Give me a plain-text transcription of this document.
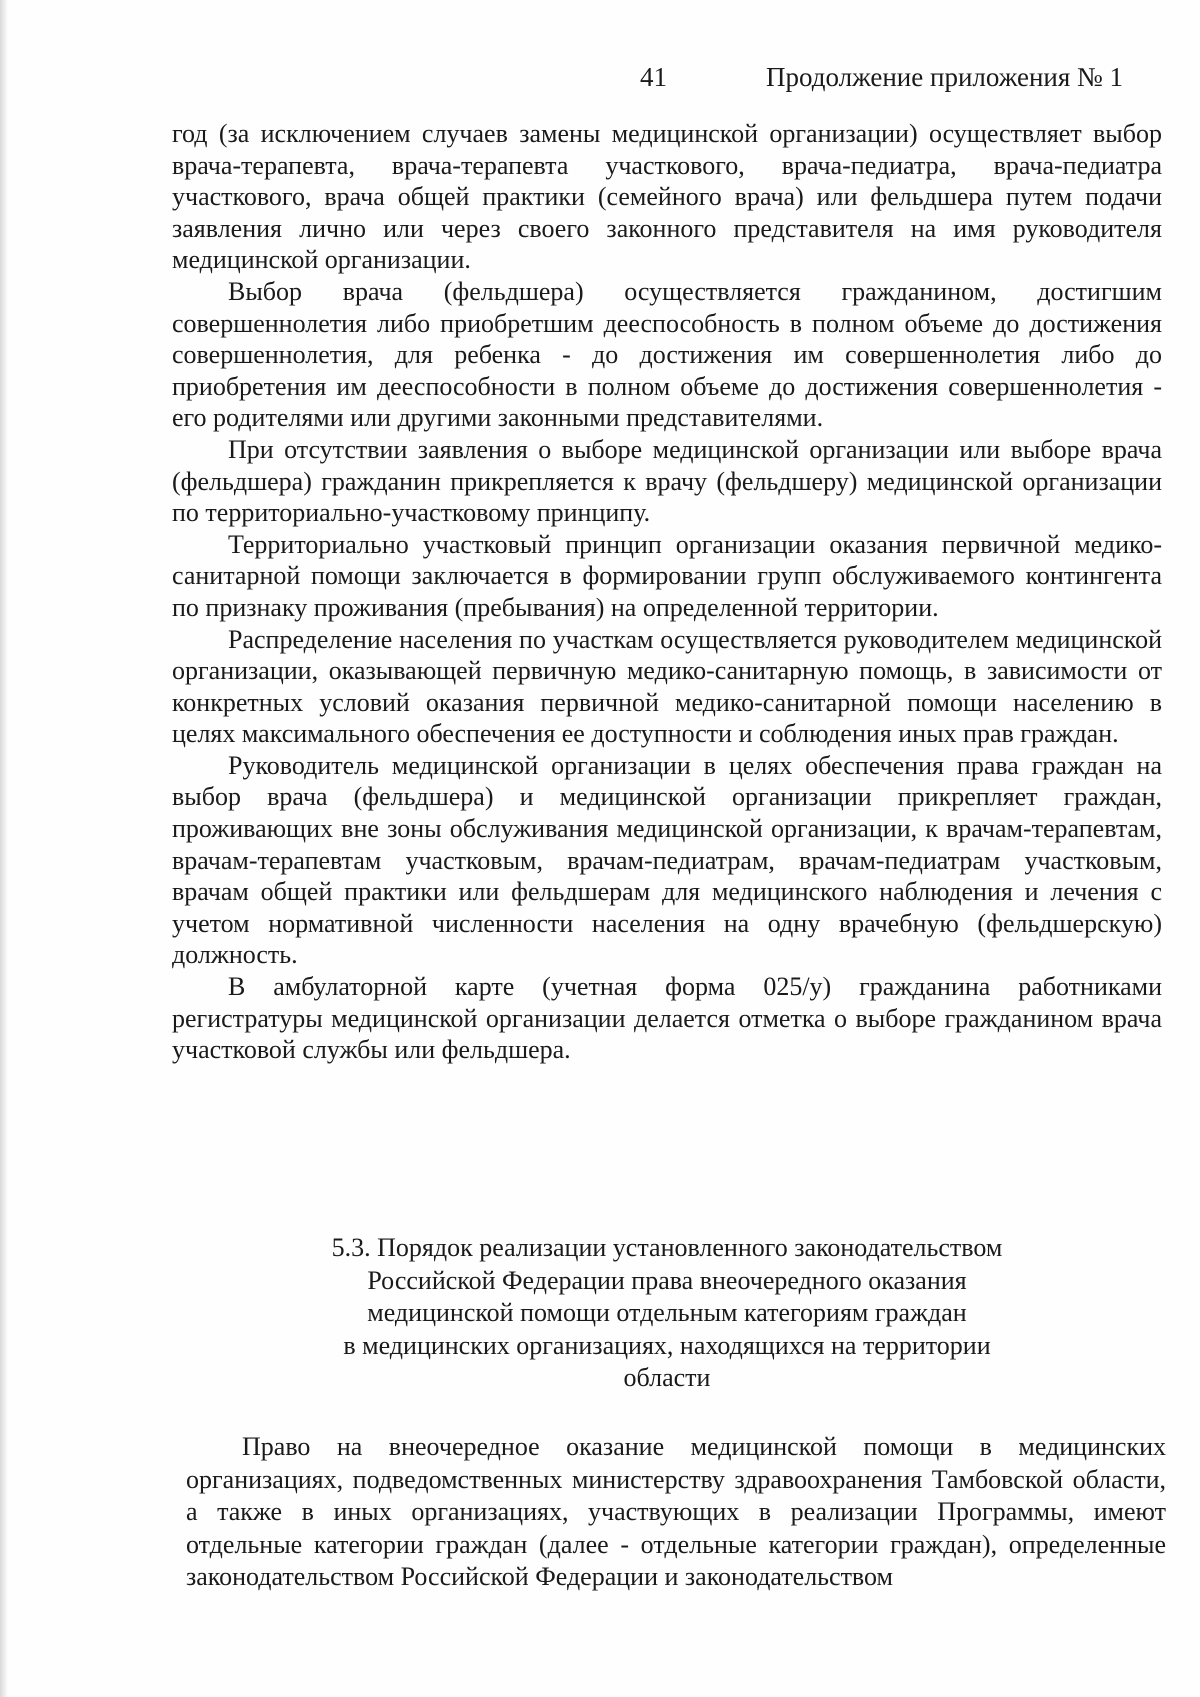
41	Продолжение приложения № 1

год (за исключением случаев замены медицинской организации) осуществляет выбор врача-терапевта, врача-терапевта участкового, врача-педиатра, врача-педиатра участкового, врача общей практики (семейного врача) или фельдшера путем подачи заявления лично или через своего законного представителя на имя руководителя медицинской организации.

Выбор врача (фельдшера) осуществляется гражданином, достигшим совершеннолетия либо приобретшим дееспособность в полном объеме до достижения совершеннолетия, для ребенка - до достижения им совершеннолетия либо до приобретения им дееспособности в полном объеме до достижения совершеннолетия - его родителями или другими законными представителями.

При отсутствии заявления о выборе медицинской организации или выборе врача (фельдшера) гражданин прикрепляется к врачу (фельдшеру) медицинской организации по территориально-участковому принципу.

Территориально участковый принцип организации оказания первичной медико-санитарной помощи заключается в формировании групп обслуживаемого контингента по признаку проживания (пребывания) на определенной территории.

Распределение населения по участкам осуществляется руководителем медицинской организации, оказывающей первичную медико-санитарную помощь, в зависимости от конкретных условий оказания первичной медико-санитарной помощи населению в целях максимального обеспечения ее доступности и соблюдения иных прав граждан.

Руководитель медицинской организации в целях обеспечения права граждан на выбор врача (фельдшера) и медицинской организации прикрепляет граждан, проживающих вне зоны обслуживания медицинской организации, к врачам-терапевтам, врачам-терапевтам участковым, врачам-педиатрам, врачам-педиатрам участковым, врачам общей практики или фельдшерам для медицинского наблюдения и лечения с учетом нормативной численности населения на одну врачебную (фельдшерскую) должность.

В амбулаторной карте (учетная форма 025/у) гражданина работниками регистратуры медицинской организации делается отметка о выборе гражданином врача участковой службы или фельдшера.

5.3. Порядок реализации установленного законодательством
Российской Федерации права внеочередного оказания
медицинской помощи отдельным категориям граждан
в медицинских организациях, находящихся на территории
области

Право на внеочередное оказание медицинской помощи в медицинских организациях, подведомственных министерству здравоохранения Тамбовской области, а также в иных организациях, участвующих в реализации Программы, имеют отдельные категории граждан (далее - отдельные категории граждан), определенные законодательством Российской Федерации и законодательством
